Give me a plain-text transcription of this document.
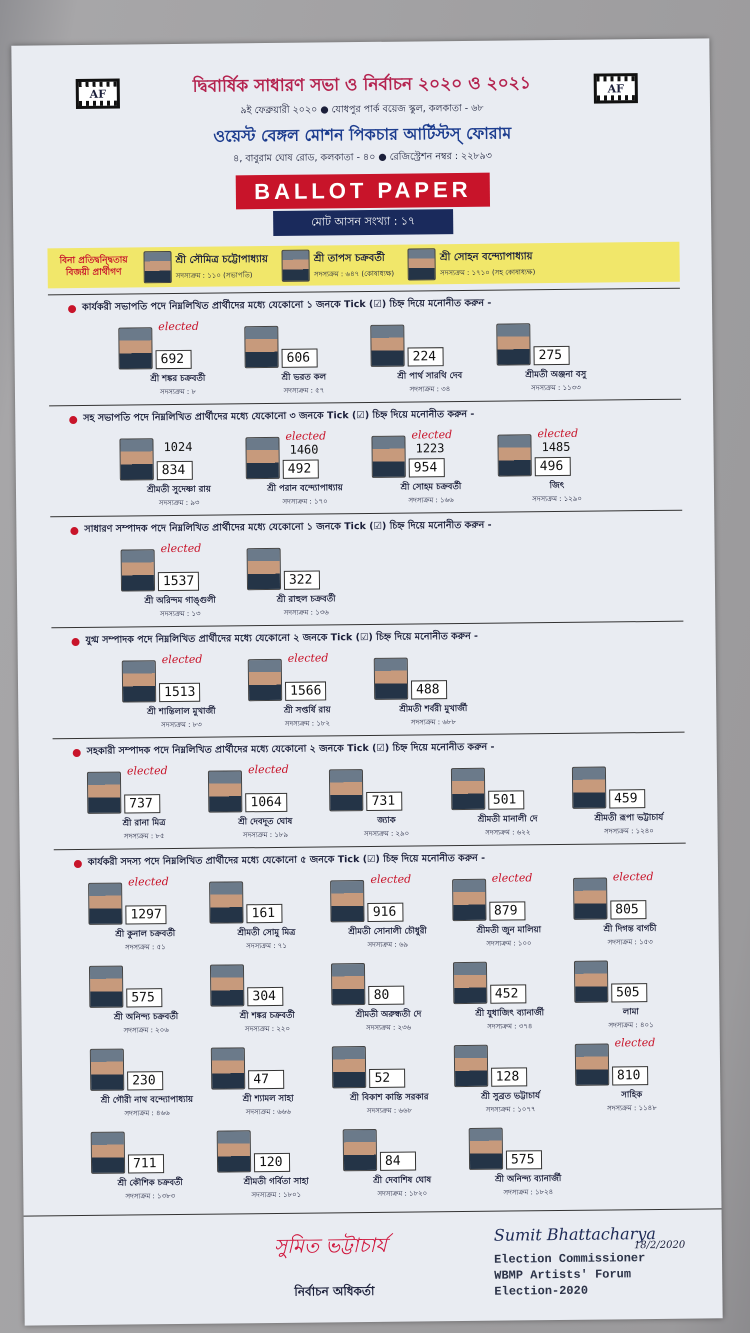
AF	AF
দ্বিবার্ষিক সাধারণ সভা ও নির্বাচন ২০২০ ও ২০২১
৯ই ফেব্রুয়ারী ২০২০ ● যোধপুর পার্ক বয়েজ স্কুল, কলকাতা - ৬৮
ওয়েস্ট বেঙ্গল মোশন পিকচার আর্টিস্টস্ ফোরাম
৪, বাবুরাম ঘোষ রোড, কলকাতা - ৪০ ● রেজিস্ট্রেশন নম্বর : ২২৮৯৩
BALLOT PAPER
মোট আসন সংখ্যা : ১৭
বিনা প্রতিদ্বন্দ্বিতায় বিজয়ী প্রার্থীগণ
শ্রী সৌমিত্র চট্টোপাধ্যায়
সদস্যক্রম : ১১০ (সভাপতি)
শ্রী তাপস চক্রবর্তী
সদস্যক্রম : ৬৪৭ (কোষাধ্যক্ষ)
শ্রী সোহন বন্দ্যোপাধ্যায়
সদস্যক্রম : ১৭১০ (সহ কোষাধ্যক্ষ)
কার্যকরী সভাপতি পদে নিম্নলিখিত প্রার্থীদের মধ্যে যেকোনো ১ জনকে Tick (☑) চিহ্ন দিয়ে মনোনীত করুন -
692
elected
শ্রী শঙ্কর চক্রবর্তী
সদস্যক্রম : ৮
606
শ্রী ভরত কল
সদস্যক্রম : ৫৭
224
শ্রী পার্থ সারথি দেব
সদস্যক্রম : ৩৪
275
শ্রীমতী অঞ্জনা বসু
সদস্যক্রম : ১১৩৩
সহ সভাপতি পদে নিম্নলিখিত প্রার্থীদের মধ্যে যেকোনো ৩ জনকে Tick (☑) চিহ্ন দিয়ে মনোনীত করুন -
834
1024
শ্রীমতী সুদেষ্ণা রায়
সদস্যক্রম : ৯৩
492
elected
1460
শ্রী পরান বন্দ্যোপাধ্যায়
সদস্যক্রম : ১৭০
954
elected
1223
শ্রী সোহম চক্রবর্তী
সদস্যক্রম : ১৬৬
496
elected
1485
জিৎ
সদস্যক্রম : ১২৯০
সাধারণ সম্পাদক পদে নিম্নলিখিত প্রার্থীদের মধ্যে যেকোনো ১ জনকে Tick (☑) চিহ্ন দিয়ে মনোনীত করুন -
1537
elected
শ্রী অরিন্দম গাঙ্গুলী
সদস্যক্রম : ১৩
322
শ্রী রাহুল চক্রবর্তী
সদস্যক্রম : ১৩৬
যুগ্ম সম্পাদক পদে নিম্নলিখিত প্রার্থীদের মধ্যে যেকোনো ২ জনকে Tick (☑) চিহ্ন দিয়ে মনোনীত করুন -
1513
elected
শ্রী শান্তিলাল মুখার্জী
সদস্যক্রম : ৮৩
1566
elected
শ্রী সপ্তর্ষি রায়
সদস্যক্রম : ১৮২
488
শ্রীমতী শর্বরী মুখার্জী
সদস্যক্রম : ৬৮৮
সহকারী সম্পাদক পদে নিম্নলিখিত প্রার্থীদের মধ্যে যেকোনো ২ জনকে Tick (☑) চিহ্ন দিয়ে মনোনীত করুন -
737
elected
শ্রী রানা মিত্র
সদস্যক্রম : ৮৫
1064
elected
শ্রী দেবদূত ঘোষ
সদস্যক্রম : ১৮৯
731
জ্যাক
সদস্যক্রম : ২৯০
501
শ্রীমতী মানালী দে
সদস্যক্রম : ৬২২
459
শ্রীমতী রূপা ভট্টাচার্য
সদস্যক্রম : ১২৪০
কার্যকরী সদস্য পদে নিম্নলিখিত প্রার্থীদের মধ্যে যেকোনো ৫ জনকে Tick (☑) চিহ্ন দিয়ে মনোনীত করুন -
1297
elected
শ্রী কুনাল চক্রবর্তী
সদস্যক্রম : ৫১
161
শ্রীমতী সোমু মিত্র
সদস্যক্রম : ৭১
916
elected
শ্রীমতী সোনালী চৌধুরী
সদস্যক্রম : ৬৯
879
elected
শ্রীমতী জুন মালিয়া
সদস্যক্রম : ১০০
805
elected
শ্রী দিগন্ত বাগচী
সদস্যক্রম : ১৫৩
575
শ্রী অনিন্দ্য চক্রবর্তী
সদস্যক্রম : ২০৬
304
শ্রী শঙ্কর চক্রবর্তী
সদস্যক্রম : ২২০
80
শ্রীমতী অরুন্ধতী দে
সদস্যক্রম : ২৩৬
452
শ্রী যুধাজিৎ ব্যানার্জী
সদস্যক্রম : ৩৭৪
505
লামা
সদস্যক্রম : ৪০১
230
শ্রী গৌরী নাথ বন্দ্যোপাধ্যায়
সদস্যক্রম : ৪৬৬
47
শ্রী শ্যামল সাহা
সদস্যক্রম : ৬৬৬
52
শ্রী বিকাশ কান্তি সরকার
সদস্যক্রম : ৬৬৮
128
শ্রী সুব্রত ভট্টাচার্য
সদস্যক্রম : ১০৭৭
810
elected
সাহিক
সদস্যক্রম : ১১৪৮
711
শ্রী কৌশিক চক্রবর্তী
সদস্যক্রম : ১৩৮৩
120
শ্রীমতী গর্বিতা সাহা
সদস্যক্রম : ১৮০১
84
শ্রী দেবাশিষ ঘোষ
সদস্যক্রম : ১৮২০
575
শ্রী অনিন্দ্য ব্যানার্জী
সদস্যক্রম : ১৮২৪
সুমিত ভট্টাচার্য
নির্বাচন অধিকর্তা
Sumit Bhattacharya
18/2/2020
Election Commissioner
WBMP Artists' Forum
Election-2020
